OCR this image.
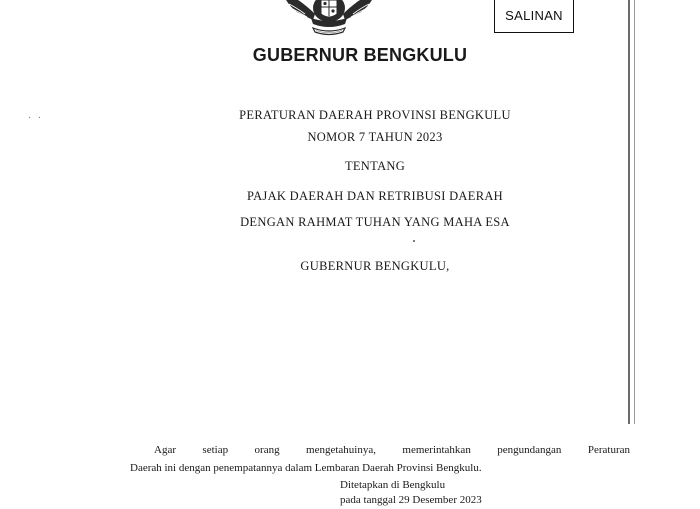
SALINAN
GUBERNUR BENGKULU
· ·	PERATURAN DAERAH PROVINSI BENGKULU
NOMOR 7 TAHUN 2023
TENTANG
PAJAK DAERAH DAN RETRIBUSI DAERAH
DENGAN RAHMAT TUHAN YANG MAHA ESA
GUBERNUR BENGKULU,
Agar setiap orang mengetahuinya, memerintahkan pengundangan Peraturan
Daerah ini dengan penempatannya dalam Lembaran Daerah Provinsi Bengkulu.
Ditetapkan di Bengkulu
pada tanggal 29 Desember 2023
